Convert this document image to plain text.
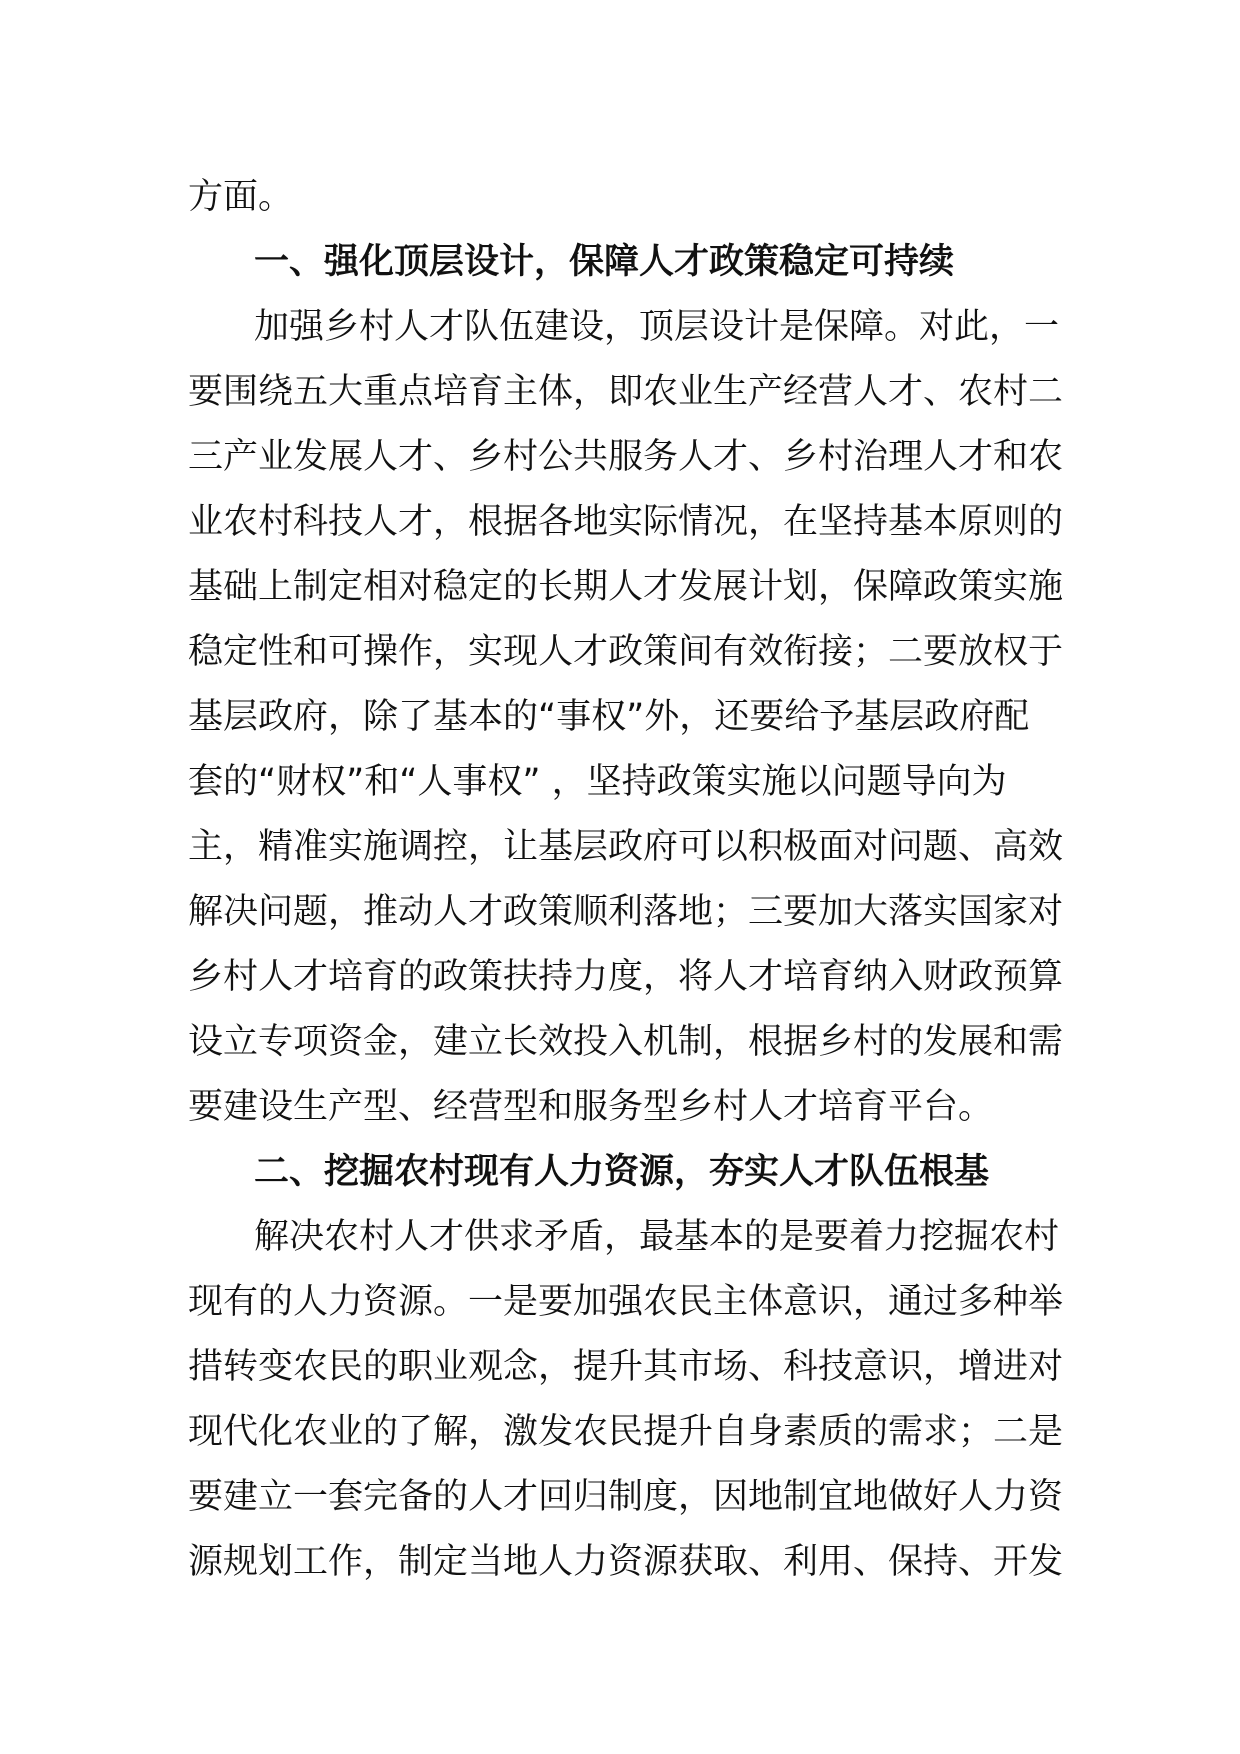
方面。
一、强化顶层设计，保障人才政策稳定可持续
加强乡村人才队伍建设，顶层设计是保障。对此，一
要围绕五大重点培育主体，即农业生产经营人才、农村二
三产业发展人才、乡村公共服务人才、乡村治理人才和农
业农村科技人才，根据各地实际情况，在坚持基本原则的
基础上制定相对稳定的长期人才发展计划，保障政策实施
稳定性和可操作，实现人才政策间有效衔接；二要放权于
基层政府，除了基本的“事权”外，还要给予基层政府配
套的“财权”和“人事权” ，坚持政策实施以问题导向为
主，精准实施调控，让基层政府可以积极面对问题、高效
解决问题，推动人才政策顺利落地；三要加大落实国家对
乡村人才培育的政策扶持力度，将人才培育纳入财政预算
设立专项资金，建立长效投入机制，根据乡村的发展和需
要建设生产型、经营型和服务型乡村人才培育平台。
二、挖掘农村现有人力资源，夯实人才队伍根基
解决农村人才供求矛盾，最基本的是要着力挖掘农村
现有的人力资源。一是要加强农民主体意识，通过多种举
措转变农民的职业观念，提升其市场、科技意识，增进对
现代化农业的了解，激发农民提升自身素质的需求；二是
要建立一套完备的人才回归制度，因地制宜地做好人力资
源规划工作，制定当地人力资源获取、利用、保持、开发
